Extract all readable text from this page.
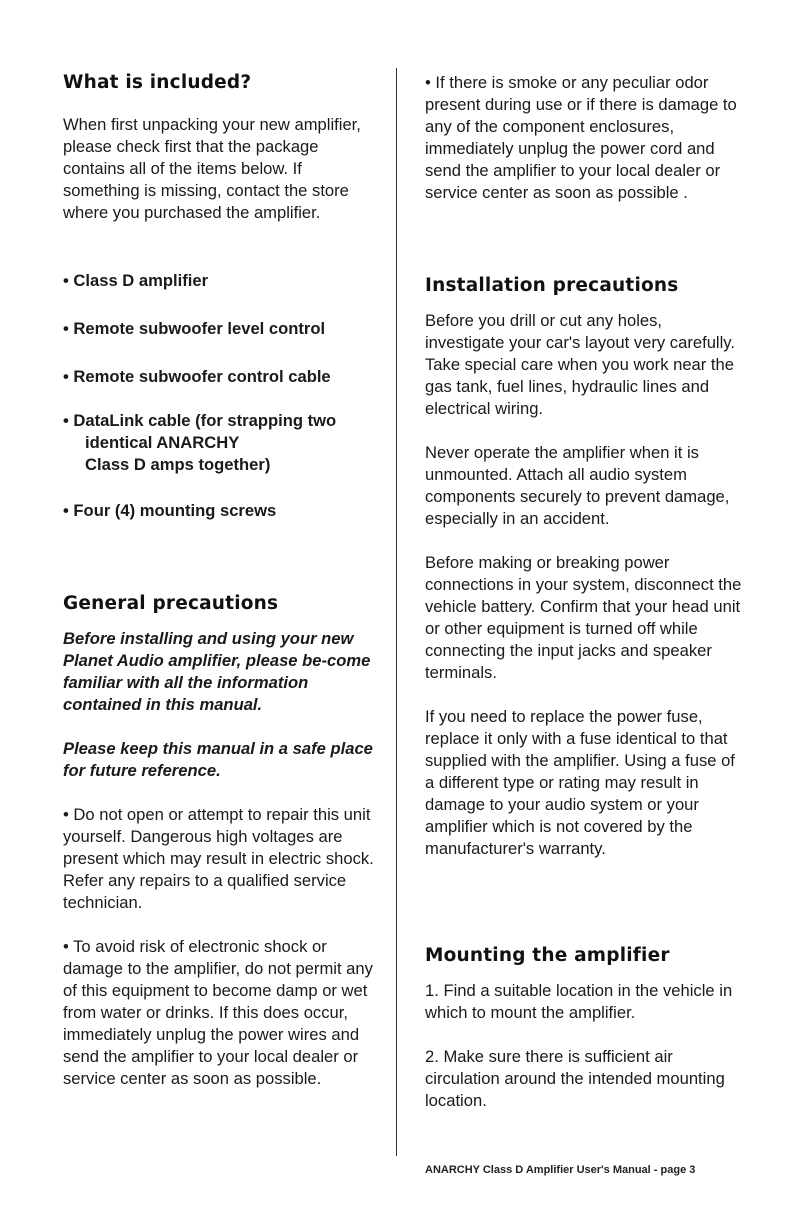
What is included?

When first unpacking your new amplifier, please check first that the package contains all of the items below. If something is missing, contact the store where you purchased the amplifier.

• Class D amplifier

• Remote subwoofer level control

• Remote subwoofer control cable

• DataLink cable (for strapping two
identical ANARCHY
Class D amps together)

• Four (4) mounting screws

General precautions

Before installing and using your new Planet Audio amplifier, please be-come familiar with all the information contained in this manual.

Please keep this manual in a safe place for future reference.

• Do not open or attempt to repair this unit yourself. Dangerous high voltages are present which may result in electric shock. Refer any repairs to a qualified service technician.

• To avoid risk of electronic shock or damage to the amplifier, do not permit any of this equipment to become damp or wet from water or drinks. If this does occur, immediately unplug the power wires and send the amplifier to your local dealer or service center as soon as possible.

• If there is smoke or any peculiar odor present during use or if there is damage to any of the component enclosures, immediately unplug the power cord and send the amplifier to your local dealer or service center as soon as possible .

Installation precautions

Before you drill or cut any holes, investigate your car's layout very carefully. Take special care when you work near the gas tank, fuel lines, hydraulic lines and electrical wiring.

Never operate the amplifier when it is unmounted. Attach all audio system components securely to prevent damage, especially in an accident.

Before making or breaking power connections in your system, disconnect the vehicle battery. Confirm that your head unit or other equipment is turned off while connecting the input jacks and speaker terminals.

If you need to replace the power fuse, replace it only with a fuse identical to that supplied with the amplifier. Using a fuse of a different type or rating may result in damage to your audio system or your amplifier which is not covered by the manufacturer's warranty.

Mounting the amplifier

1. Find a suitable location in the vehicle in which to mount the amplifier.

2. Make sure there is sufficient air circulation around the intended mounting location.

ANARCHY Class D Amplifier User's Manual - page 3
